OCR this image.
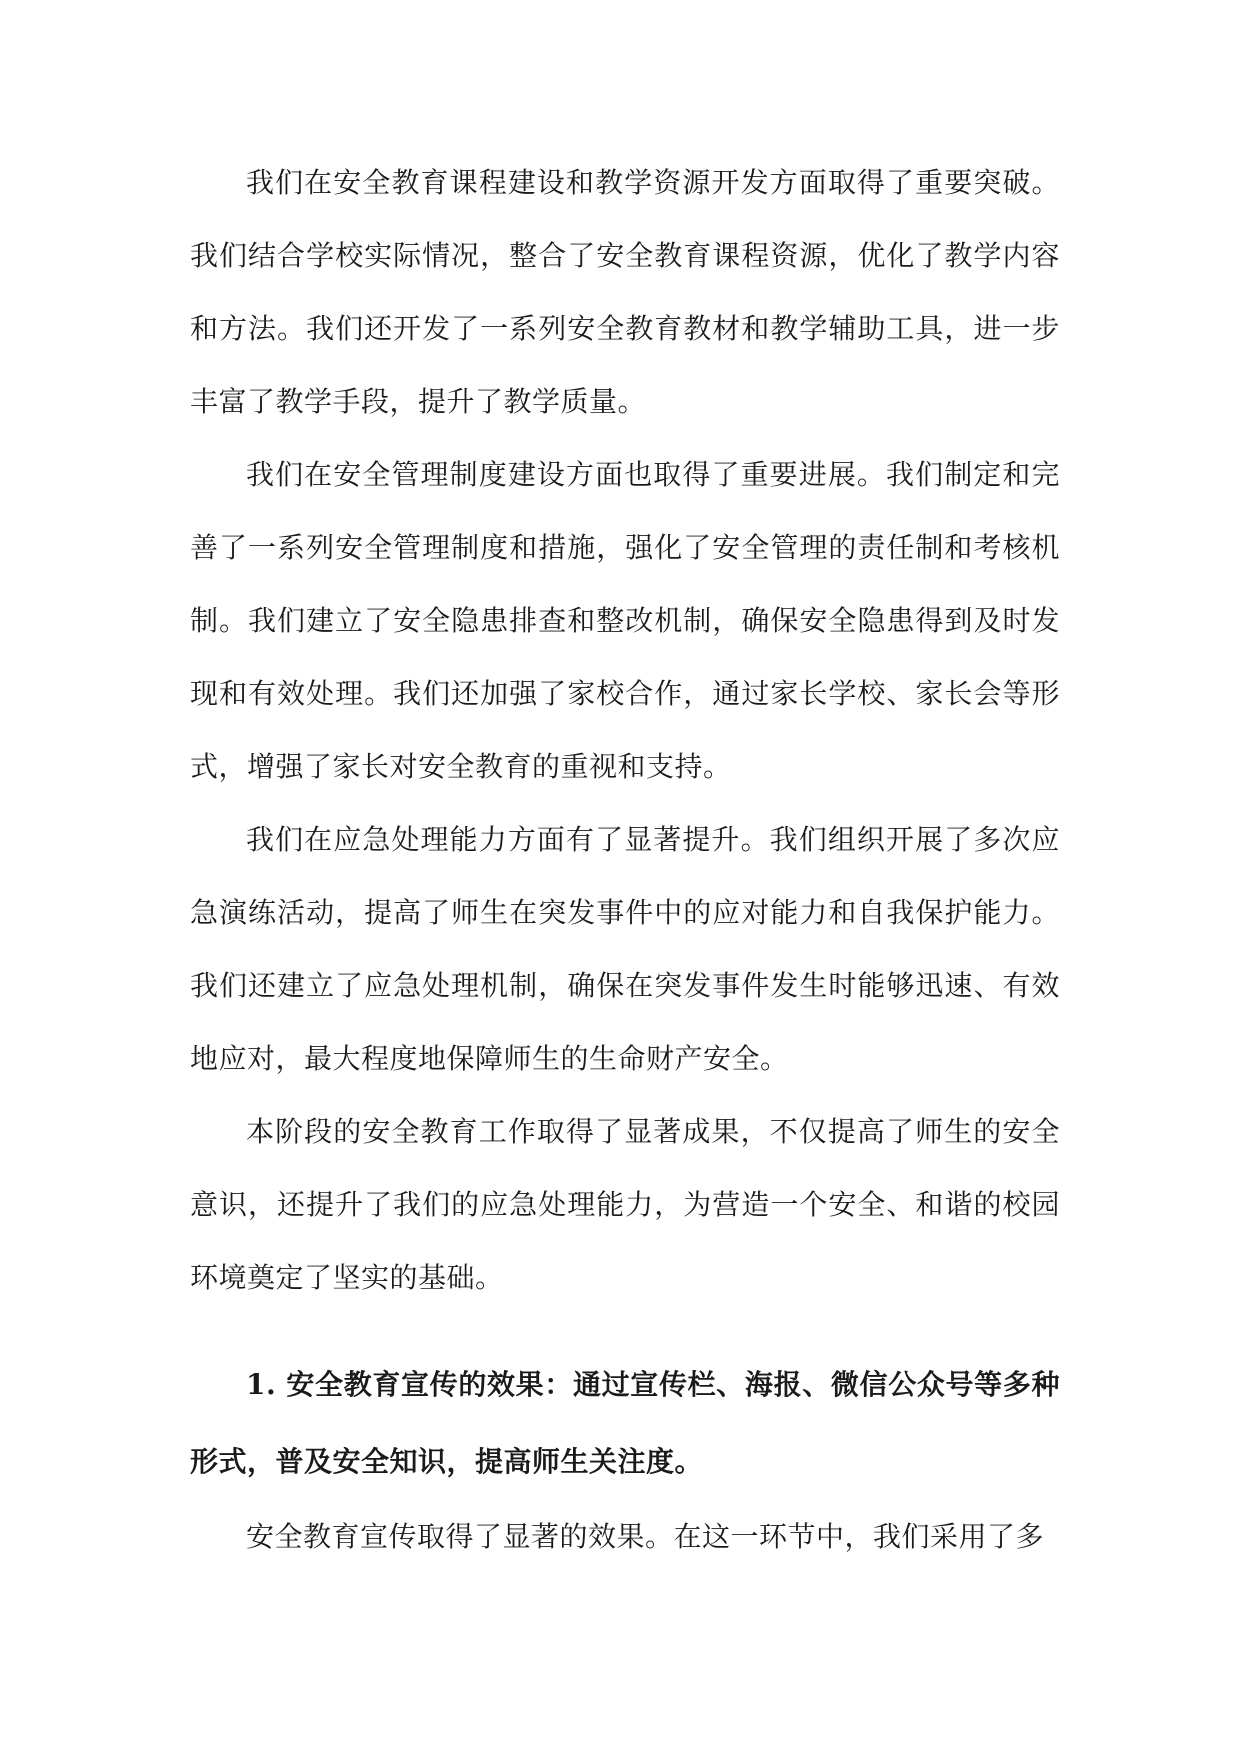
我们在安全教育课程建设和教学资源开发方面取得了重要突破。我们结合学校实际情况，整合了安全教育课程资源，优化了教学内容和方法。我们还开发了一系列安全教育教材和教学辅助工具，进一步丰富了教学手段，提升了教学质量。

我们在安全管理制度建设方面也取得了重要进展。我们制定和完善了一系列安全管理制度和措施，强化了安全管理的责任制和考核机制。我们建立了安全隐患排查和整改机制，确保安全隐患得到及时发现和有效处理。我们还加强了家校合作，通过家长学校、家长会等形式，增强了家长对安全教育的重视和支持。

我们在应急处理能力方面有了显著提升。我们组织开展了多次应急演练活动，提高了师生在突发事件中的应对能力和自我保护能力。我们还建立了应急处理机制，确保在突发事件发生时能够迅速、有效地应对，最大程度地保障师生的生命财产安全。

本阶段的安全教育工作取得了显著成果，不仅提高了师生的安全意识，还提升了我们的应急处理能力，为营造一个安全、和谐的校园环境奠定了坚实的基础。

1. 安全教育宣传的效果：通过宣传栏、海报、微信公众号等多种形式，普及安全知识，提高师生关注度。

安全教育宣传取得了显著的效果。在这一环节中，我们采用了多
